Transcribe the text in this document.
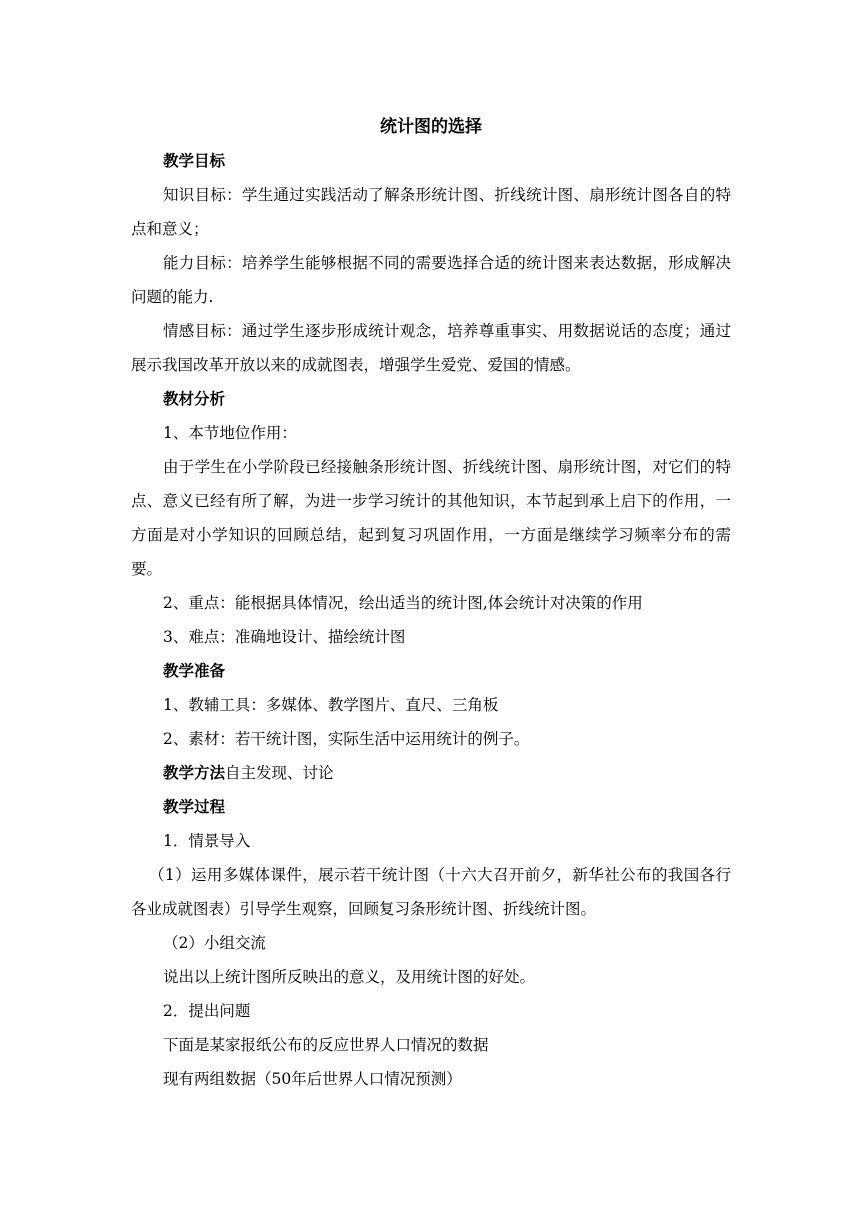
统计图的选择

教学目标

知识目标：学生通过实践活动了解条形统计图、折线统计图、扇形统计图各自的特点和意义；

能力目标：培养学生能够根据不同的需要选择合适的统计图来表达数据，形成解决问题的能力.

情感目标：通过学生逐步形成统计观念，培养尊重事实、用数据说话的态度；通过展示我国改革开放以来的成就图表，增强学生爱党、爱国的情感。

教材分析

1、本节地位作用：

由于学生在小学阶段已经接触条形统计图、折线统计图、扇形统计图，对它们的特点、意义已经有所了解，为进一步学习统计的其他知识，本节起到承上启下的作用，一方面是对小学知识的回顾总结，起到复习巩固作用，一方面是继续学习频率分布的需要。

2、重点：能根据具体情况，绘出适当的统计图,体会统计对决策的作用

3、难点：准确地设计、描绘统计图

教学准备

1、教辅工具：多媒体、教学图片、直尺、三角板

2、素材：若干统计图，实际生活中运用统计的例子。

教学方法自主发现、讨论

教学过程

1．情景导入

（1）运用多媒体课件，展示若干统计图（十六大召开前夕，新华社公布的我国各行各业成就图表）引导学生观察，回顾复习条形统计图、折线统计图。

（2）小组交流

说出以上统计图所反映出的意义，及用统计图的好处。

2．提出问题

下面是某家报纸公布的反应世界人口情况的数据

现有两组数据（50年后世界人口情况预测）
